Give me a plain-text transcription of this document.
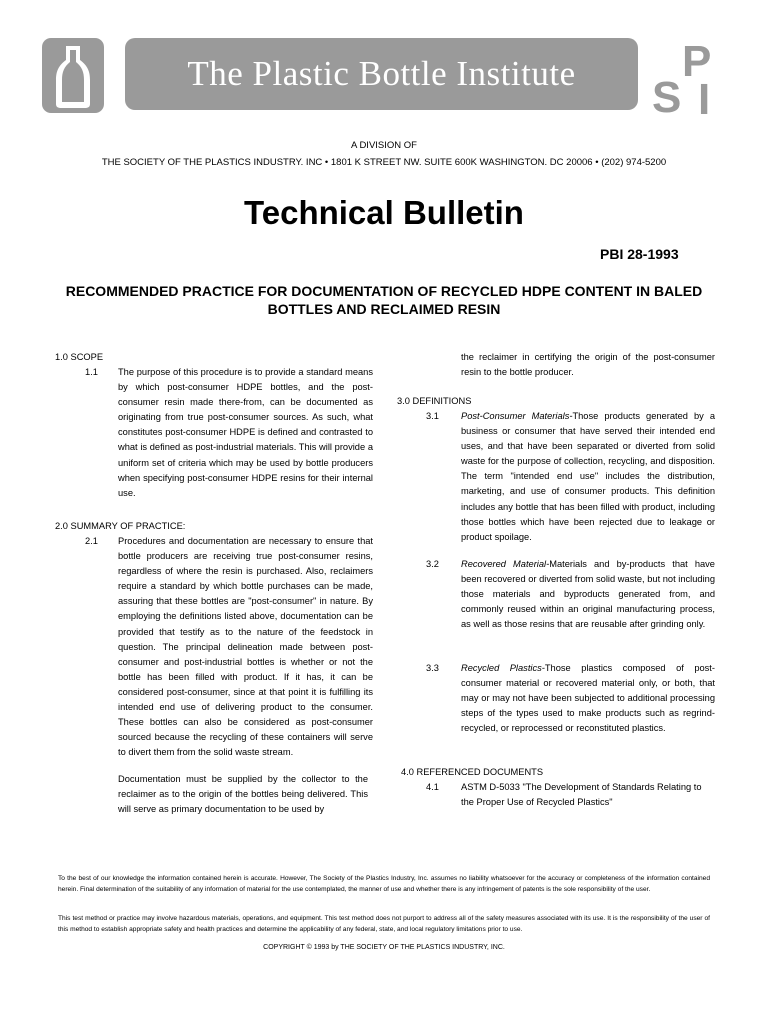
The Plastic Bottle Institute S
P
I
A DIVISION OF
THE SOCIETY OF THE PLASTICS INDUSTRY. INC • 1801 K STREET NW. SUITE 600K WASHINGTON. DC 20006 • (202) 974-5200
Technical Bulletin
PBI 28-1993
RECOMMENDED PRACTICE FOR DOCUMENTATION OF RECYCLED HDPE CONTENT IN BALED BOTTLES AND RECLAIMED RESIN
1.0 SCOPE
1.1 The purpose of this procedure is to provide a standard means by which post-consumer HDPE bottles, and the post-consumer resin made there-from, can be documented as originating from true post-consumer sources. As such, what constitutes post-consumer HDPE is defined and contrasted to what is defined as post-industrial materials. This will provide a uniform set of criteria which may be used by bottle producers when specifying post-consumer HDPE resins for their internal use.
2.0 SUMMARY OF PRACTICE:
2.1 Procedures and documentation are necessary to ensure that bottle producers are receiving true post-consumer resins, regardless of where the resin is purchased. Also, reclaimers require a standard by which bottle purchases can be made, assuring that these bottles are "post-consumer" in nature. By employing the definitions listed above, documentation can be provided that testify as to the nature of the feedstock in question. The principal delineation made between post-consumer and post-industrial bottles is whether or not the bottle has been filled with product. If it has, it can be considered post-consumer, since at that point it is fulfilling its intended end use of delivering product to the consumer. These bottles can also be considered as post-consumer sourced because the recycling of these containers will serve to divert them from the solid waste stream.
Documentation must be supplied by the collector to the reclaimer as to the origin of the bottles being delivered. This will serve as primary documentation to be used by
the reclaimer in certifying the origin of the post-consumer resin to the bottle producer.
3.0 DEFINITIONS
3.1 Post-Consumer Materials-Those products generated by a business or consumer that have served their intended end uses, and that have been separated or diverted from solid waste for the purpose of collection, recycling, and disposition. The term "intended end use" includes the distribution, marketing, and use of consumer products. This definition includes any bottle that has been filled with product, including those bottles which have been rejected due to leakage or product spoilage.
3.2 Recovered Material-Materials and by-products that have been recovered or diverted from solid waste, but not including those materials and byproducts generated from, and commonly reused within an original manufacturing process, as well as those resins that are reusable after grinding only.
3.3 Recycled Plastics-Those plastics composed of post-consumer material or recovered material only, or both, that may or may not have been subjected to additional processing steps of the types used to make products such as regrind-recycled, or reprocessed or reconstituted plastics.
4.0 REFERENCED DOCUMENTS
4.1 ASTM D-5033 "The Development of Standards Relating to the Proper Use of Recycled Plastics"
To the best of our knowledge the information contained herein is accurate. However, The Society of the Plastics Industry, Inc. assumes no liability whatsoever for the accuracy or completeness of the information contained herein. Final determination of the suitability of any information of material for the use contemplated, the manner of use and whether there is any infringement of patents is the sole responsibility of the user.
This test method or practice may involve hazardous materials, operations, and equipment. This test method does not purport to address all of the safety measures associated with its use. It is the responsibility of the user of this method to establish appropriate safety and health practices and determine the applicability of any federal, state, and local regulatory limitations prior to use.
COPYRIGHT © 1993 by THE SOCIETY OF THE PLASTICS INDUSTRY, INC.
